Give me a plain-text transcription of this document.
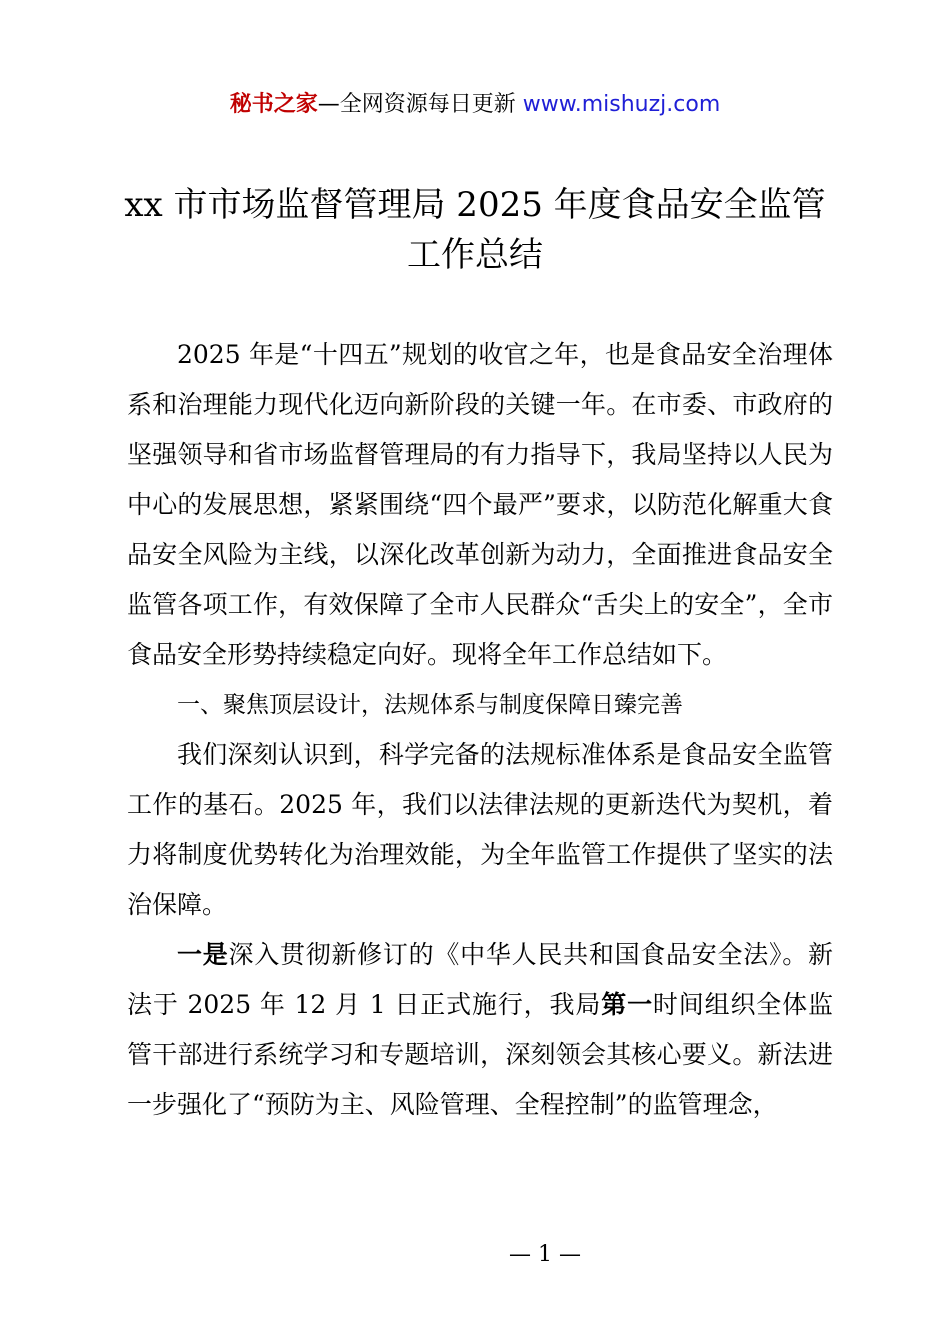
秘书之家—全网资源每日更新 www.mishuzj.com
xx 市市场监督管理局 2025 年度食品安全监管
工作总结

2025 年是“十四五”规划的收官之年，也是食品安全治理体系和治理能力现代化迈向新阶段的关键一年。在市委、市政府的坚强领导和省市场监督管理局的有力指导下，我局坚持以人民为中心的发展思想，紧紧围绕“四个最严”要求，以防范化解重大食品安全风险为主线，以深化改革创新为动力，全面推进食品安全监管各项工作，有效保障了全市人民群众“舌尖上的安全”，全市食品安全形势持续稳定向好。现将全年工作总结如下。

一、聚焦顶层设计，法规体系与制度保障日臻完善

我们深刻认识到，科学完备的法规标准体系是食品安全监管工作的基石。2025 年，我们以法律法规的更新迭代为契机，着力将制度优势转化为治理效能，为全年监管工作提供了坚实的法治保障。

一是深入贯彻新修订的《中华人民共和国食品安全法》。新法于 2025 年 12 月 1 日正式施行，我局第一时间组织全体监管干部进行系统学习和专题培训，深刻领会其核心要义。新法进一步强化了“预防为主、风险管理、全程控制”的监管理念，

— 1 —
